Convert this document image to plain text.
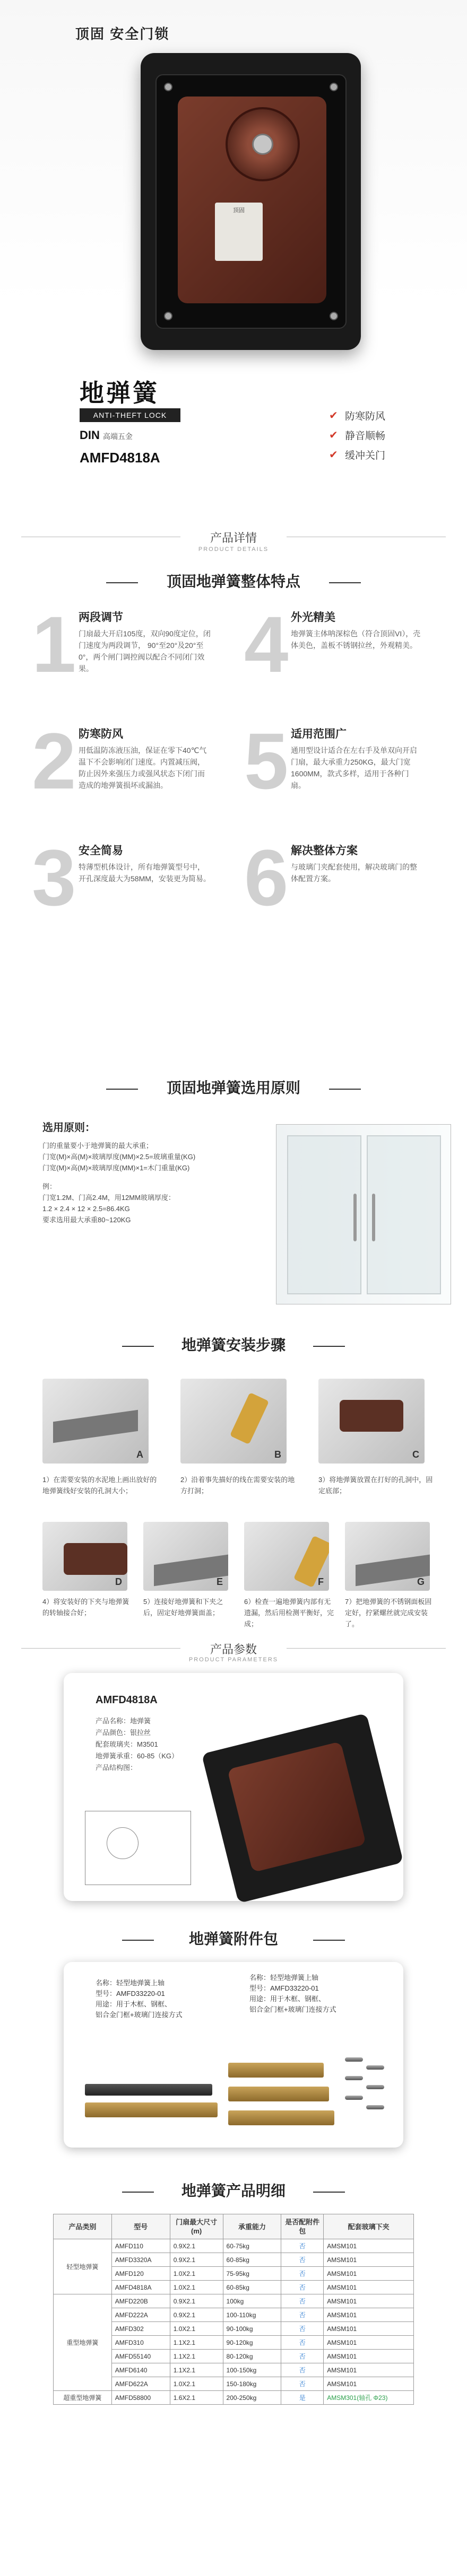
顶固 安全门锁
顶固
地弹簧
ANTI-THEFT LOCK
DIN 高端五金
AMFD4818A
✔ 防寒防风
✔ 静音顺畅
✔ 缓冲关门
产品详情
PRODUCT DETAILS
顶固地弹簧整体特点
1 两段调节
门扇最大开启105度，双向90度定位，闭门速度为两段调节， 90°至20°及20°至0°，两个闸门调控阀以配合不同闭门效果。	4 外光精美
地弹簧主体呐深棕色（符合顶固VI），壳体美色，盖板不锈钢拉丝，外观精美。
2 防寒防风
用低温防冻液压油，保证在零下40℃气温下不会影响闭门速度。内置减压阀，防止因外来强压力或强风状态下闭门而造成的地弹簧损坏或漏油。 5 适用范围广
通用型设计适合在左右手及单双向开启门扇，最大承重力250KG，最大门宽1600MM，款式多样，适用于各种门扇。
3 安全简易
特薄型机体设计，所有地弹簧型号中，开孔深度最大为58MM，安装更为简易。 6 解决整体方案
与玻璃门夹配套使用，解决玻璃门的整体配置方案。
顶固地弹簧选用原则
选用原则：
门的重量要小于地弹簧的最大承重；
门宽(M)×高(M)×玻璃厚度(MM)×2.5=玻璃重量(KG)
门宽(M)×高(M)×玻璃厚度(MM)×1=木门重量(KG)
例：
门宽1.2M、门高2.4M，用12MM玻璃厚度：
1.2 × 2.4 × 12 × 2.5=86.4KG
要求选用最大承重80~120KG
地弹簧安装步骤
A	B	C
1）在需要安装的水泥地上画出放好的地弹簧线好安装的孔洞大小；
2）沿着事先描好的线在需要安装的地方打洞；
3）将地弹簧放置在打好的孔洞中，固定底部；
D	E	F	G
4）将安装好的下夹与地弹簧的转轴接合好；
5）连接好地弹簧和下夹之后，固定好地弹簧面盖；
6）检查一遍地弹簧内部有无遗漏，然后用检测平衡好，完成；
7）把地弹簧的不锈钢面板固定好，拧紧螺丝就完成安装了。
产品参数
PRODUCT PARAMETERS
AMFD4818A
产品名称：地弹簧
产品颜色：银拉丝
配套玻璃夹：M3501
地弹簧承重：60-85（KG）
产品结构图：
地弹簧附件包
名称：轻型地弹簧上轴
型号：AMFD33220-01
用途：用于木框、钢框、
铝合金门框+玻璃门连接方式
名称：轻型地弹簧上轴
型号：AMFD33220-01
用途：用于木框、钢框、
铝合金门框+玻璃门连接方式
地弹簧产品明细
产品类别	型号	门扇最大尺寸(m)	承重能力	是否配附件包	配套玻璃下夹
轻型地弹簧	AMFD110	0.9X2.1	60-75kg	否	AMSM101
	AMFD3320A	0.9X2.1	60-85kg	否	AMSM101
	AMFD120	1.0X2.1	75-95kg	否	AMSM101
	AMFD4818A	1.0X2.1	60-85kg	否	AMSM101
重型地弹簧	AMFD220B	0.9X2.1	100kg	否	AMSM101
	AMFD222A	0.9X2.1	100-110kg	否	AMSM101
	AMFD302	1.0X2.1	90-100kg	否	AMSM101
	AMFD310	1.1X2.1	90-120kg	否	AMSM101
	AMFD55140	1.1X2.1	80-120kg	否	AMSM101
	AMFD6140	1.1X2.1	100-150kg	否	AMSM101
	AMFD622A	1.0X2.1	150-180kg	否	AMSM101
超重型地弹簧	AMFD58800	1.6X2.1	200-250kg	是	AMSM301(轴孔 Φ23)
